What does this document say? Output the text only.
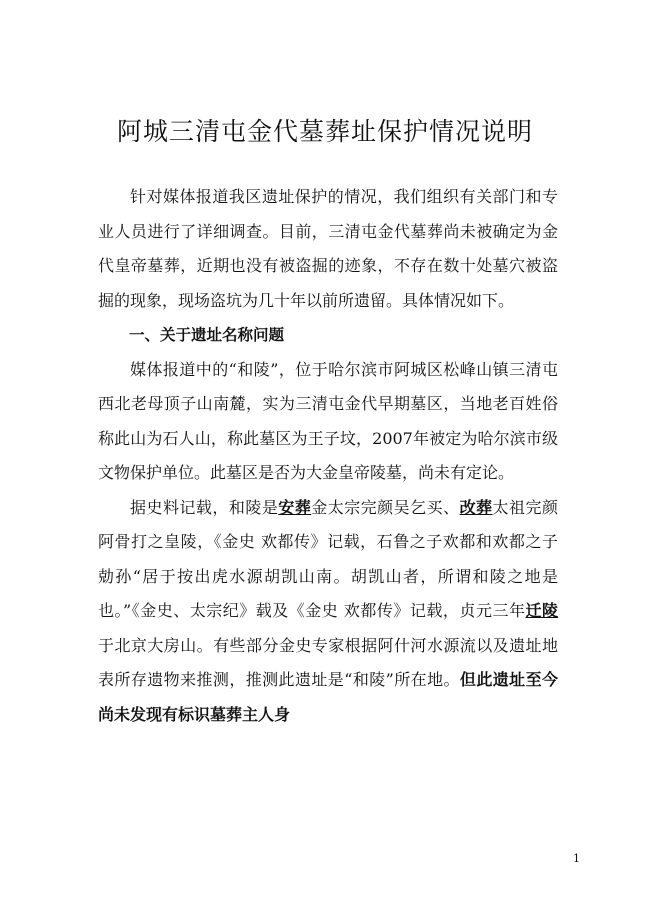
阿城三清屯金代墓葬址保护情况说明

针对媒体报道我区遗址保护的情况，我们组织有关部门和专业人员进行了详细调查。目前，三清屯金代墓葬尚未被确定为金代皇帝墓葬，近期也没有被盗掘的迹象，不存在数十处墓穴被盗掘的现象，现场盗坑为几十年以前所遗留。具体情况如下。

一、关于遗址名称问题

媒体报道中的“和陵”，位于哈尔滨市阿城区松峰山镇三清屯西北老母顶子山南麓，实为三清屯金代早期墓区，当地老百姓俗称此山为石人山，称此墓区为王子坟，2007年被定为哈尔滨市级文物保护单位。此墓区是否为大金皇帝陵墓，尚未有定论。

据史料记载，和陵是安葬金太宗完颜吴乞买、改葬太祖完颜阿骨打之皇陵，《金史 欢都传》记载，石鲁之子欢都和欢都之子勀孙“居于按出虎水源胡凯山南。胡凯山者，所谓和陵之地是也。”《金史、太宗纪》载及《金史 欢都传》记载，贞元三年迁陵于北京大房山。有些部分金史专家根据阿什河水源流以及遗址地表所存遗物来推测，推测此遗址是“和陵”所在地。但此遗址至今尚未发现有标识墓葬主人身

1
